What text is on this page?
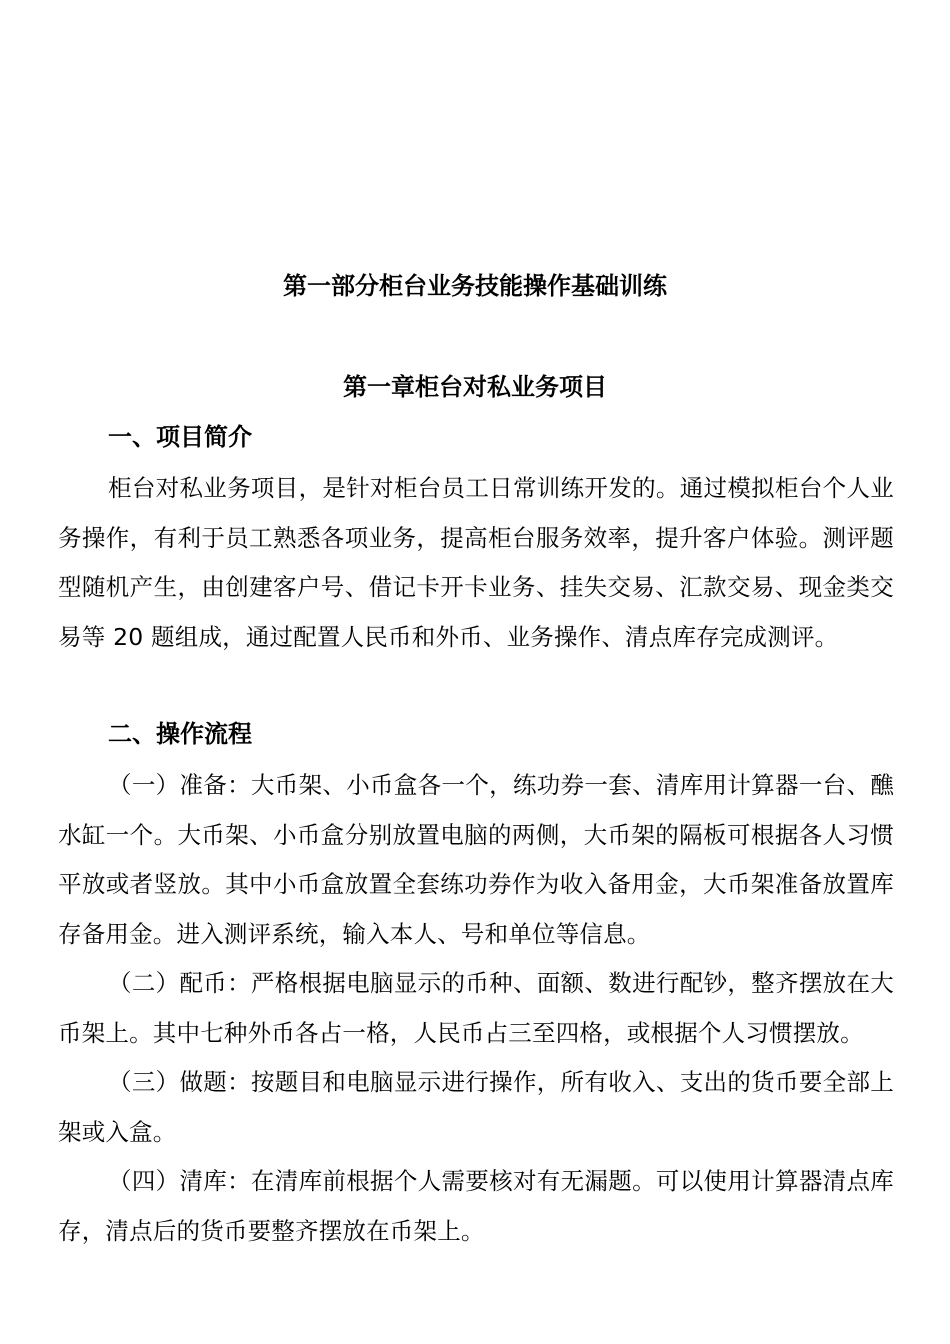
第一部分柜台业务技能操作基础训练
第一章柜台对私业务项目
一、项目简介

柜台对私业务项目，是针对柜台员工日常训练开发的。通过模拟柜台个人业务操作，有利于员工熟悉各项业务，提高柜台服务效率，提升客户体验。测评题型随机产生，由创建客户号、借记卡开卡业务、挂失交易、汇款交易、现金类交易等 20 题组成，通过配置人民币和外币、业务操作、清点库存完成测评。

二、操作流程

（一）准备：大币架、小币盒各一个，练功券一套、清库用计算器一台、醮水缸一个。大币架、小币盒分别放置电脑的两侧，大币架的隔板可根据各人习惯平放或者竖放。其中小币盒放置全套练功券作为收入备用金，大币架准备放置库存备用金。进入测评系统，输入本人、号和单位等信息。

（二）配币：严格根据电脑显示的币种、面额、数进行配钞，整齐摆放在大币架上。其中七种外币各占一格，人民币占三至四格，或根据个人习惯摆放。

（三）做题：按题目和电脑显示进行操作，所有收入、支出的货币要全部上架或入盒。

（四）清库：在清库前根据个人需要核对有无漏题。可以使用计算器清点库存，清点后的货币要整齐摆放在币架上。
